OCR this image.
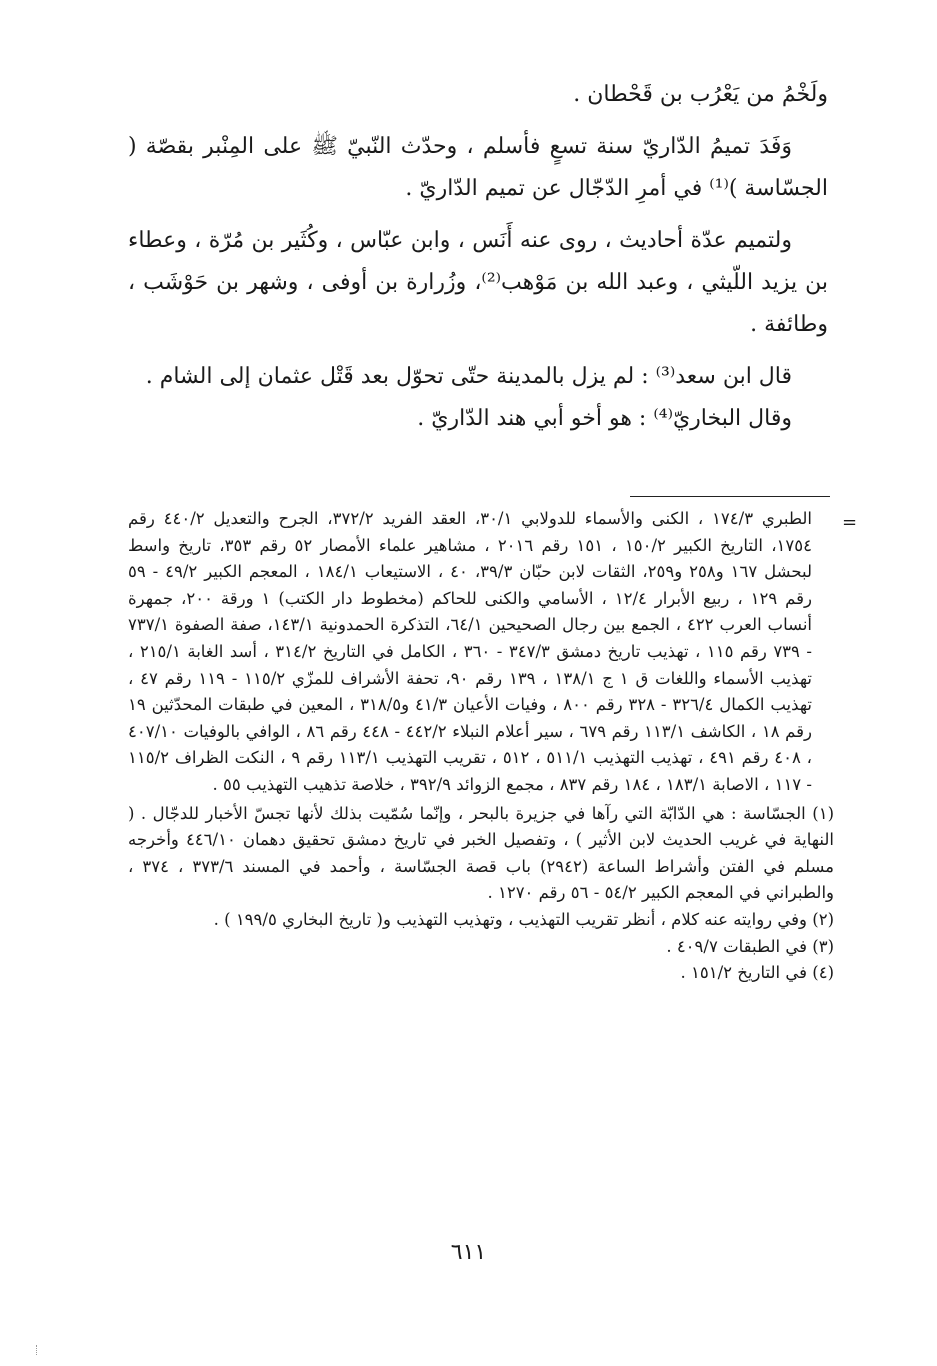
ولَخْمُ من يَعْرُب بن قَحْطان .

وَفَدَ تميمُ الدّاريّ سنة تسعٍ فأسلم ، وحدّث النّبيّ ﷺ على المِنْبر بقصّة ( الجسّاسة )⁽¹⁾ في أمرِ الدّجّال عن تميم الدّاريّ .

ولتميم عدّة أحاديث ، روى عنه أَنَس ، وابن عبّاس ، وكُثَير بن مُرّة ، وعطاء بن يزيد اللّيثي ، وعبد الله بن مَوْهب⁽²⁾، وزُرارة بن أوفى ، وشهر بن حَوْشَب ، وطائفة .

قال ابن سعد⁽³⁾ : لم يزل بالمدينة حتّى تحوّل بعد قَتْل عثمان إلى الشام .

وقال البخاريّ⁽⁴⁾ : هو أخو أبي هند الدّاريّ .

=

الطبري ١٧٤/٣ ، الكنى والأسماء للدولابي ٣٠/١، العقد الفريد ٣٧٢/٢، الجرح والتعديل ٤٤٠/٢ رقم ١٧٥٤، التاريخ الكبير ١٥٠/٢ ، ١٥١ رقم ٢٠١٦ ، مشاهير علماء الأمصار ٥٢ رقم ٣٥٣، تاريخ واسط لبحشل ١٦٧ و٢٥٨ و٢٥٩، الثقات لابن حبّان ٣٩/٣، ٤٠ ، الاستيعاب ١٨٤/١ ، المعجم الكبير ٤٩/٢ - ٥٩ رقم ١٢٩ ، ربيع الأبرار ١٢/٤ ، الأسامي والكنى للحاكم (مخطوط دار الكتب) ١ ورقة ٢٠٠، جمهرة أنساب العرب ٤٢٢ ، الجمع بين رجال الصحيحين ٦٤/١، التذكرة الحمدونية ١٤٣/١، صفة الصفوة ٧٣٧/١ - ٧٣٩ رقم ١١٥ ، تهذيب تاريخ دمشق ٣٤٧/٣ - ٣٦٠ ، الكامل في التاريخ ٣١٤/٢ ، أسد الغابة ٢١٥/١ ، تهذيب الأسماء واللغات ق ١ ج ١٣٨/١ ، ١٣٩ رقم ٩٠، تحفة الأشراف للمزّي ١١٥/٢ - ١١٩ رقم ٤٧ ، تهذيب الكمال ٣٢٦/٤ - ٣٢٨ رقم ٨٠٠ ، وفيات الأعيان ٤١/٣ و٣١٨/٥ ، المعين في طبقات المحدّثين ١٩ رقم ١٨ ، الكاشف ١١٣/١ رقم ٦٧٩ ، سير أعلام النبلاء ٤٤٢/٢ - ٤٤٨ رقم ٨٦ ، الوافي بالوفيات ٤٠٧/١٠ ، ٤٠٨ رقم ٤٩١ ، تهذيب التهذيب ٥١١/١ ، ٥١٢ ، تقريب التهذيب ١١٣/١ رقم ٩ ، النكت الظراف ١١٥/٢ - ١١٧ ، الاصابة ١٨٣/١ ، ١٨٤ رقم ٨٣٧ ، مجمع الزوائد ٣٩٢/٩ ، خلاصة تذهيب التهذيب ٥٥ .

(١) الجسّاسة : هي الدّابّة التي رآها في جزيرة بالبحر ، وإنّما سُمّيت بذلك لأنها تجسّ الأخبار للدجّال . ( النهاية في غريب الحديث لابن الأثير ) ، وتفصيل الخبر في تاريخ دمشق تحقيق دهمان ٤٤٦/١٠ وأخرجه مسلم في الفتن وأشراط الساعة (٢٩٤٢) باب قصة الجسّاسة ، وأحمد في المسند ٣٧٣/٦ ، ٣٧٤ ، والطبراني في المعجم الكبير ٥٤/٢ - ٥٦ رقم ١٢٧٠ .

(٢) وفي روايته عنه كلام ، أنظر تقريب التهذيب ، وتهذيب التهذيب و( تاريخ البخاري ١٩٩/٥ ) .

(٣) في الطبقات ٤٠٩/٧ .

(٤) في التاريخ ١٥١/٢ .

٦١١
